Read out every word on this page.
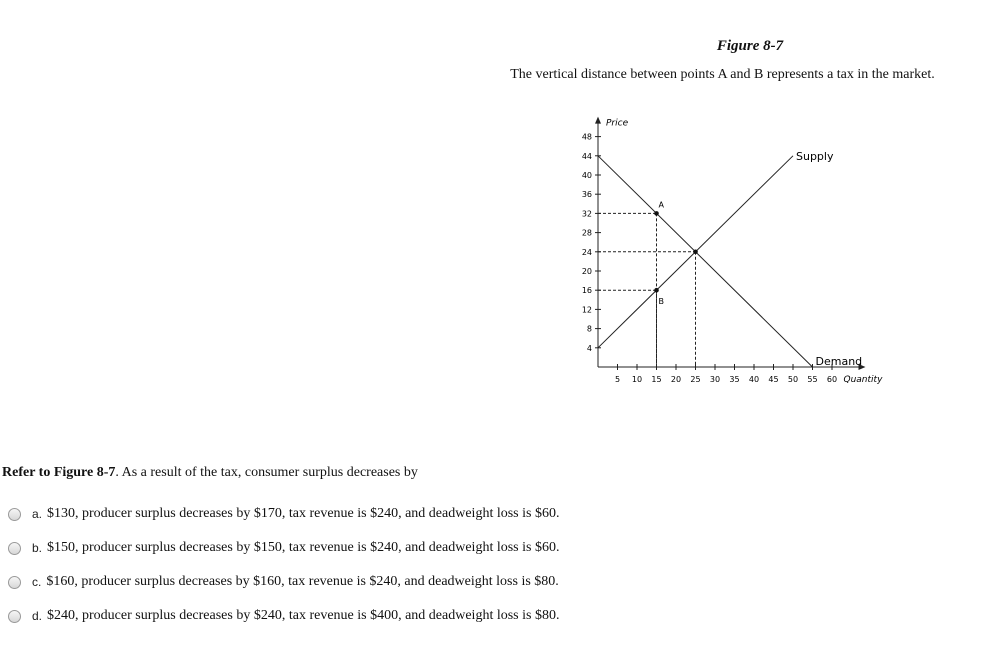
Figure 8-7
The vertical distance between points A and B represents a tax in the market.
Price
Quantity
5 10 15 20 25 30 35 40 45 50 55 60
4
8
12
16
20
24
28
32
36
40
44
48
Supply
Demand
A
B
Refer to Figure 8-7. As a result of the tax, consumer surplus decreases by
a. $130, producer surplus decreases by $170, tax revenue is $240, and deadweight loss is $60.
b. $150, producer surplus decreases by $150, tax revenue is $240, and deadweight loss is $60.
c. $160, producer surplus decreases by $160, tax revenue is $240, and deadweight loss is $80.
d. $240, producer surplus decreases by $240, tax revenue is $400, and deadweight loss is $80.
